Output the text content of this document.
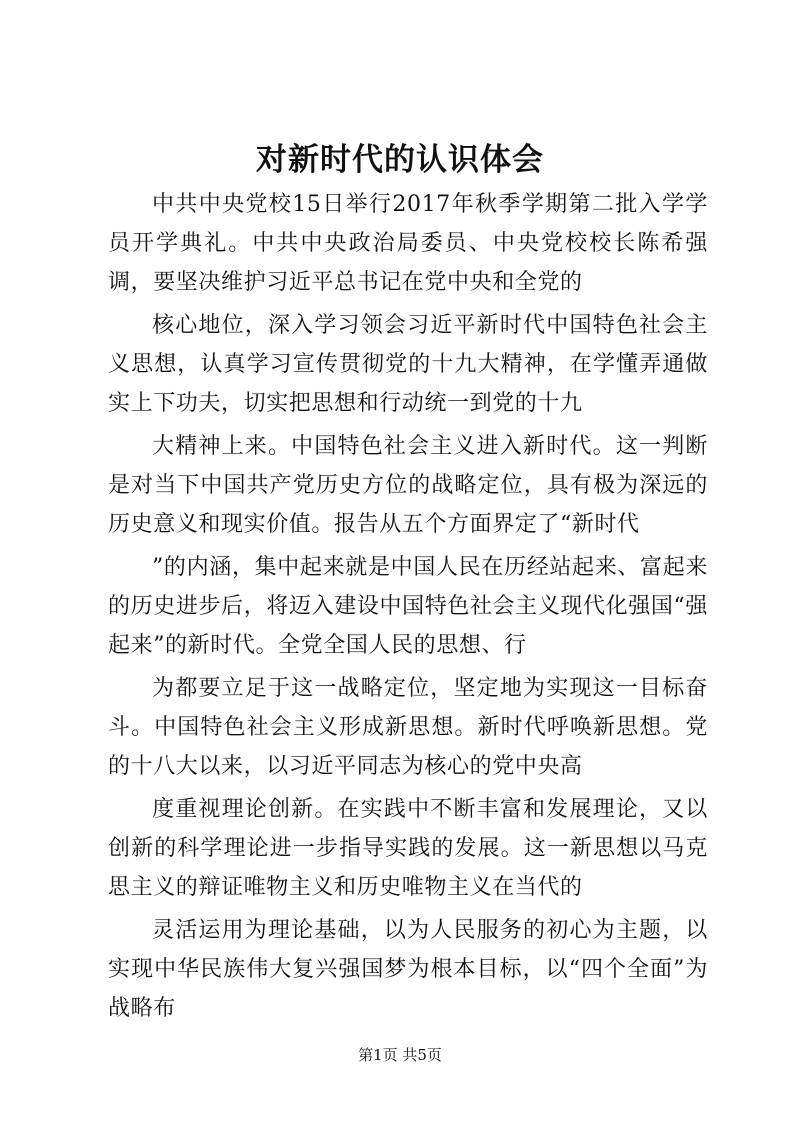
对新时代的认识体会

中共中央党校15日举行2017年秋季学期第二批入学学员开学典礼。中共中央政治局委员、中央党校校长陈希强调，要坚决维护习近平总书记在党中央和全党的

核心地位，深入学习领会习近平新时代中国特色社会主义思想，认真学习宣传贯彻党的十九大精神，在学懂弄通做实上下功夫，切实把思想和行动统一到党的十九

大精神上来。中国特色社会主义进入新时代。这一判断是对当下中国共产党历史方位的战略定位，具有极为深远的历史意义和现实价值。报告从五个方面界定了“新时代

”的内涵，集中起来就是中国人民在历经站起来、富起来的历史进步后，将迈入建设中国特色社会主义现代化强国“强起来”的新时代。全党全国人民的思想、行

为都要立足于这一战略定位，坚定地为实现这一目标奋斗。中国特色社会主义形成新思想。新时代呼唤新思想。党的十八大以来，以习近平同志为核心的党中央高

度重视理论创新。在实践中不断丰富和发展理论，又以创新的科学理论进一步指导实践的发展。这一新思想以马克思主义的辩证唯物主义和历史唯物主义在当代的

灵活运用为理论基础，以为人民服务的初心为主题，以实现中华民族伟大复兴强国梦为根本目标，以“四个全面”为战略布

第1页 共5页
